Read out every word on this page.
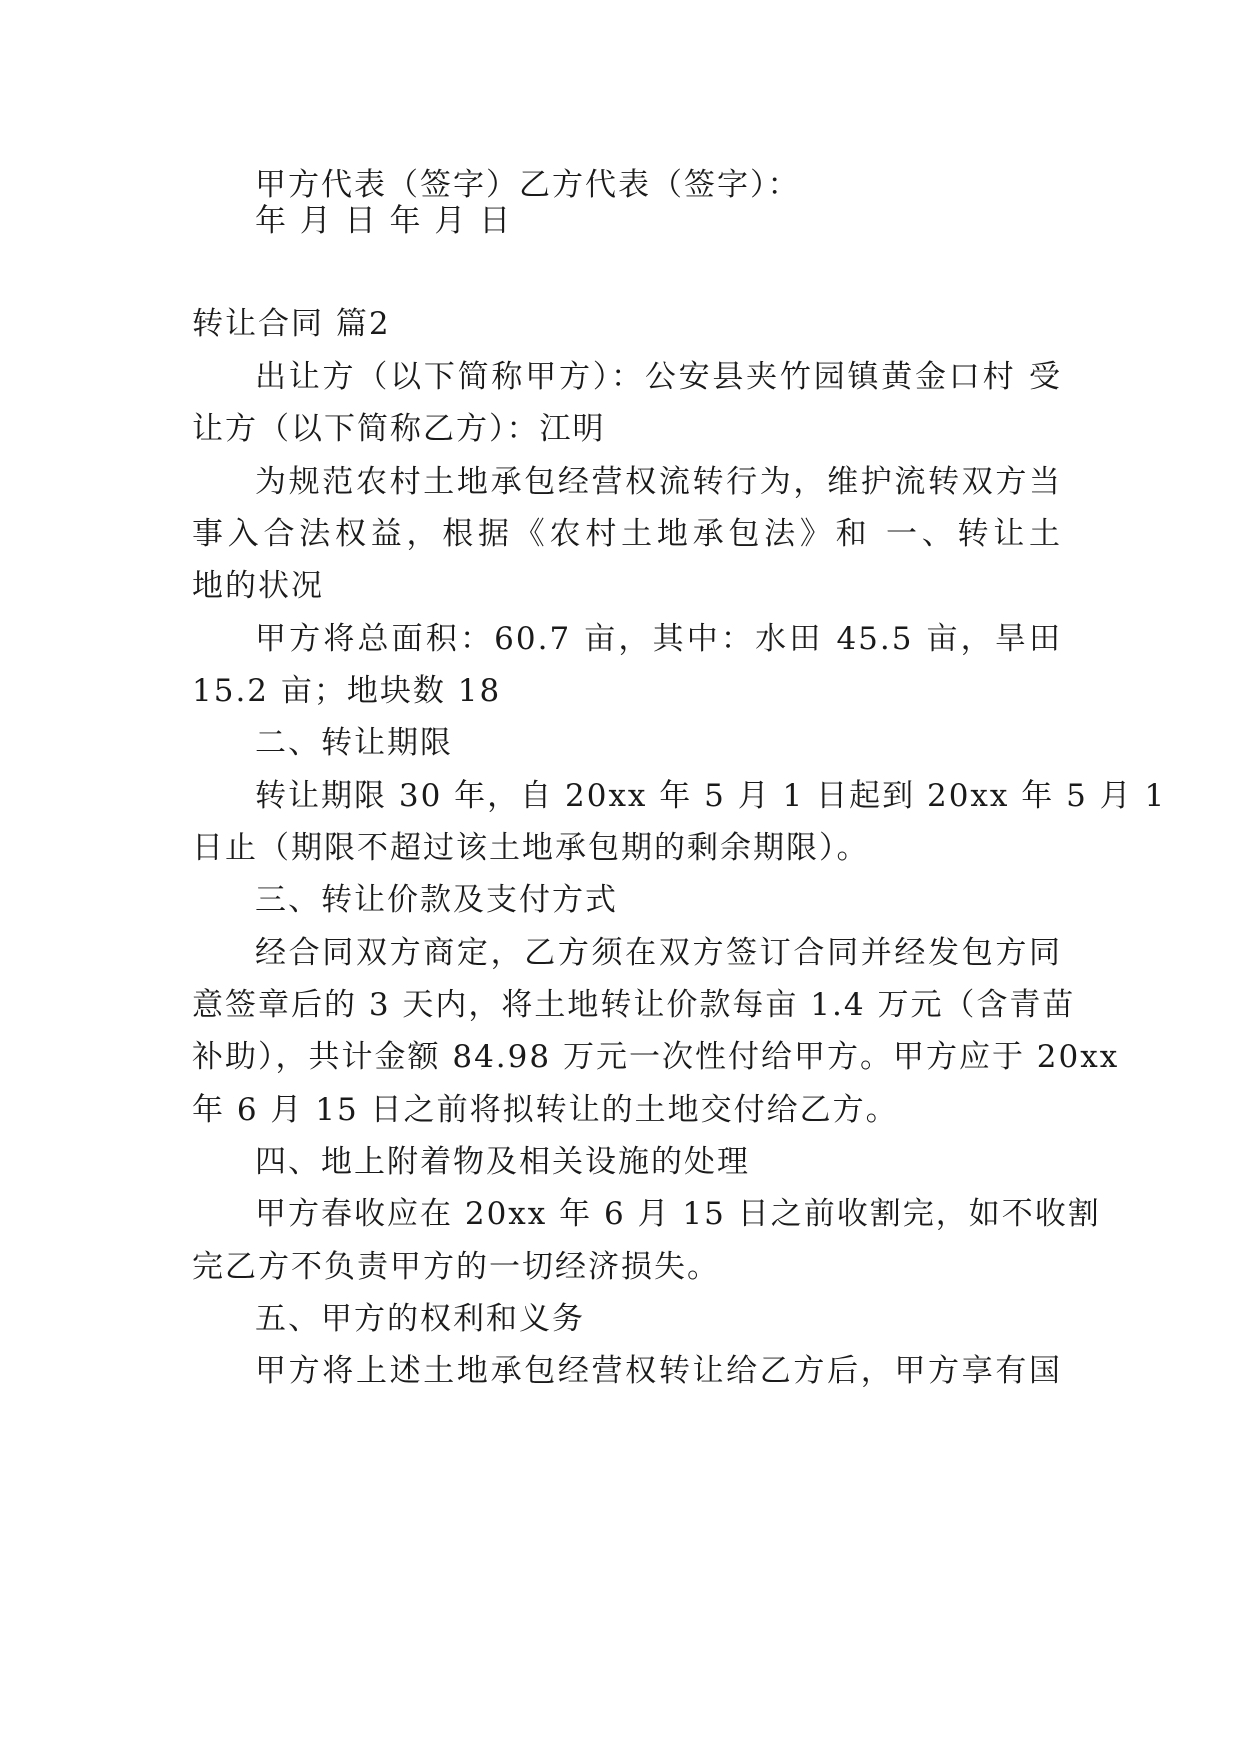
甲方代表（签字）乙方代表（签字）：
年 月 日 年 月 日
转让合同 篇2
出让方（以下简称甲方）：公安县夹竹园镇黄金口村 受
让方（以下简称乙方）：江明
为规范农村土地承包经营权流转行为，维护流转双方当
事入合法权益，根据《农村土地承包法》和 一、转让土
地的状况
甲方将总面积：60.7 亩，其中：水田 45.5 亩，旱田
15.2 亩；地块数 18
二、转让期限
转让期限 30 年，自 20xx 年 5 月 1 日起到 20xx 年 5 月 1
日止（期限不超过该土地承包期的剩余期限）。
三、转让价款及支付方式
经合同双方商定，乙方须在双方签订合同并经发包方同
意签章后的 3 天内，将土地转让价款每亩 1.4 万元（含青苗
补助），共计金额 84.98 万元一次性付给甲方。甲方应于 20xx
年 6 月 15 日之前将拟转让的土地交付给乙方。
四、地上附着物及相关设施的处理
甲方春收应在 20xx 年 6 月 15 日之前收割完，如不收割
完乙方不负责甲方的一切经济损失。
五、甲方的权利和义务
甲方将上述土地承包经营权转让给乙方后，甲方享有国
